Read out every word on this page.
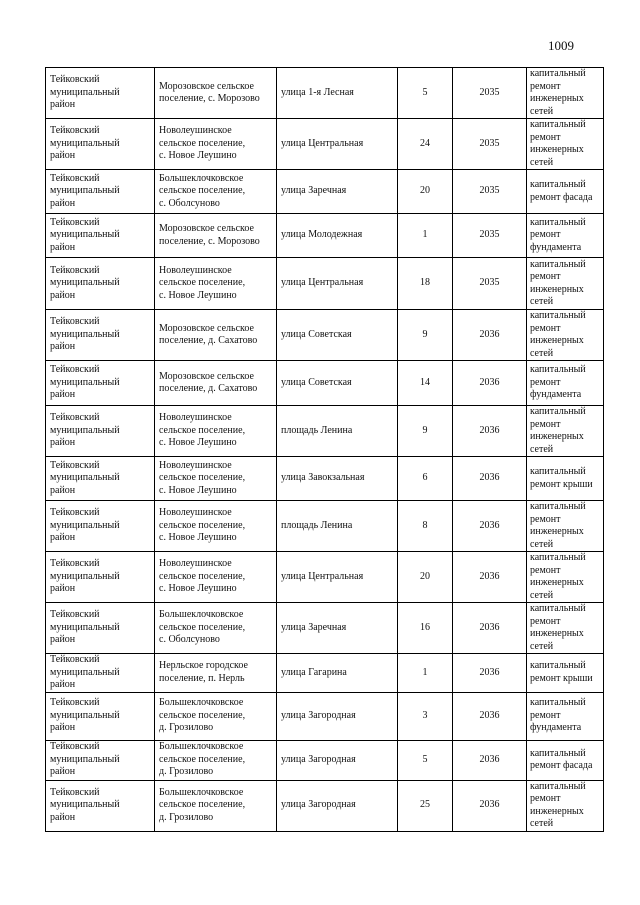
1009
Тейковский
муниципальный
район	Морозовское сельское
поселение, с. Морозово	улица 1-я Лесная	5	2035	капитальный
ремонт
инженерных
сетей
Тейковский
муниципальный
район	Новолеушинское
сельское поселение,
с. Новое Леушино	улица Центральная	24	2035	капитальный
ремонт
инженерных
сетей
Тейковский
муниципальный
район	Большеклочковское
сельское поселение,
с. Оболсуново	улица Заречная	20	2035	капитальный
ремонт фасада
Тейковский
муниципальный
район	Морозовское сельское
поселение, с. Морозово	улица Молодежная	1	2035	капитальный
ремонт
фундамента
Тейковский
муниципальный
район	Новолеушинское
сельское поселение,
с. Новое Леушино	улица Центральная	18	2035	капитальный
ремонт
инженерных
сетей
Тейковский
муниципальный
район	Морозовское сельское
поселение, д. Сахатово	улица Советская	9	2036	капитальный
ремонт
инженерных
сетей
Тейковский
муниципальный
район	Морозовское сельское
поселение, д. Сахатово	улица Советская	14	2036	капитальный
ремонт
фундамента
Тейковский
муниципальный
район	Новолеушинское
сельское поселение,
с. Новое Леушино	площадь Ленина	9	2036	капитальный
ремонт
инженерных
сетей
Тейковский
муниципальный
район	Новолеушинское
сельское поселение,
с. Новое Леушино	улица Завокзальная	6	2036	капитальный
ремонт крыши
Тейковский
муниципальный
район	Новолеушинское
сельское поселение,
с. Новое Леушино	площадь Ленина	8	2036	капитальный
ремонт
инженерных
сетей
Тейковский
муниципальный
район	Новолеушинское
сельское поселение,
с. Новое Леушино	улица Центральная	20	2036	капитальный
ремонт
инженерных
сетей
Тейковский
муниципальный
район	Большеклочковское
сельское поселение,
с. Оболсуново	улица Заречная	16	2036	капитальный
ремонт
инженерных
сетей
Тейковский
муниципальный
район	Нерльское городское
поселение, п. Нерль	улица Гагарина	1	2036	капитальный
ремонт крыши
Тейковский
муниципальный
район	Большеклочковское
сельское поселение,
д. Грозилово	улица Загородная	3	2036	капитальный
ремонт
фундамента
Тейковский
муниципальный
район	Большеклочковское
сельское поселение,
д. Грозилово	улица Загородная	5	2036	капитальный
ремонт фасада
Тейковский
муниципальный
район	Большеклочковское
сельское поселение,
д. Грозилово	улица Загородная	25	2036	капитальный
ремонт
инженерных
сетей
